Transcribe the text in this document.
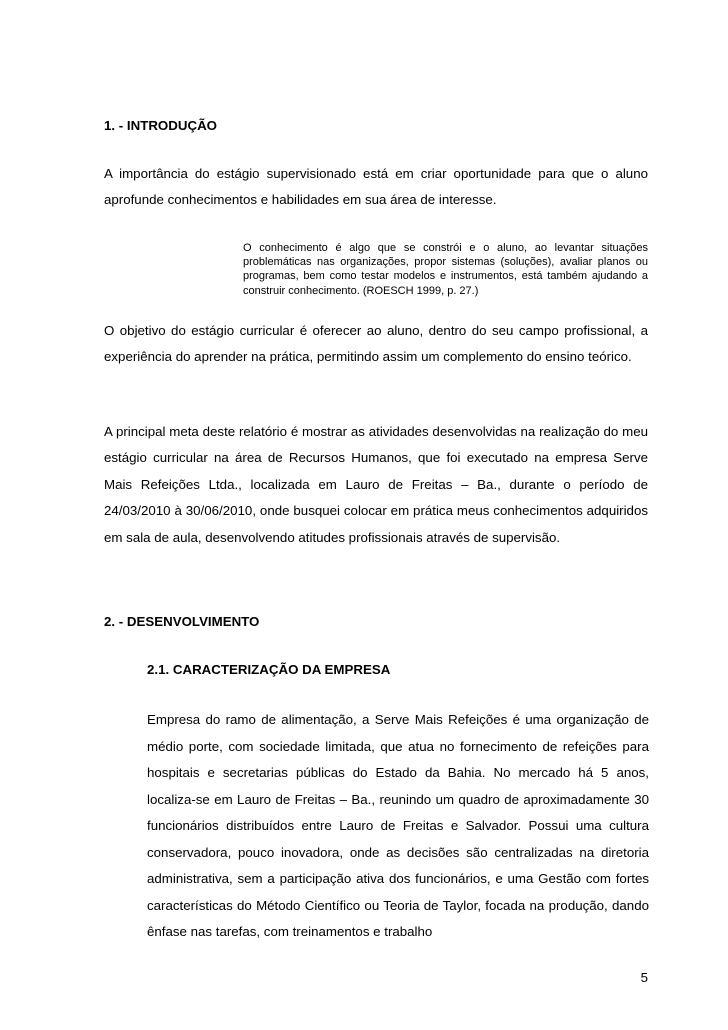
1. - INTRODUÇÃO

A importância do estágio supervisionado está em criar oportunidade para que o aluno aprofunde conhecimentos e habilidades em sua área de interesse.

O conhecimento é algo que se constrói e o aluno, ao levantar situações problemáticas nas organizações, propor sistemas (soluções), avaliar planos ou programas, bem como testar modelos e instrumentos, está também ajudando a construir conhecimento. (ROESCH 1999, p. 27.)

O objetivo do estágio curricular é oferecer ao aluno, dentro do seu campo profissional, a experiência do aprender na prática, permitindo assim um complemento do ensino teórico.

A principal meta deste relatório é mostrar as atividades desenvolvidas na realização do meu estágio curricular na área de Recursos Humanos, que foi executado na empresa Serve Mais Refeições Ltda., localizada em Lauro de Freitas – Ba., durante o período de 24/03/2010 à 30/06/2010, onde busquei colocar em prática meus conhecimentos adquiridos em sala de aula, desenvolvendo atitudes profissionais através de supervisão.

2. - DESENVOLVIMENTO
2.1. CARACTERIZAÇÃO DA EMPRESA

Empresa do ramo de alimentação, a Serve Mais Refeições é uma organização de médio porte, com sociedade limitada, que atua no fornecimento de refeições para hospitais e secretarias públicas do Estado da Bahia. No mercado há 5 anos, localiza-se em Lauro de Freitas – Ba., reunindo um quadro de aproximadamente 30 funcionários distribuídos entre Lauro de Freitas e Salvador. Possui uma cultura conservadora, pouco inovadora, onde as decisões são centralizadas na diretoria administrativa, sem a participação ativa dos funcionários, e uma Gestão com fortes características do Método Científico ou Teoria de Taylor, focada na produção, dando ênfase nas tarefas, com treinamentos e trabalho

5
